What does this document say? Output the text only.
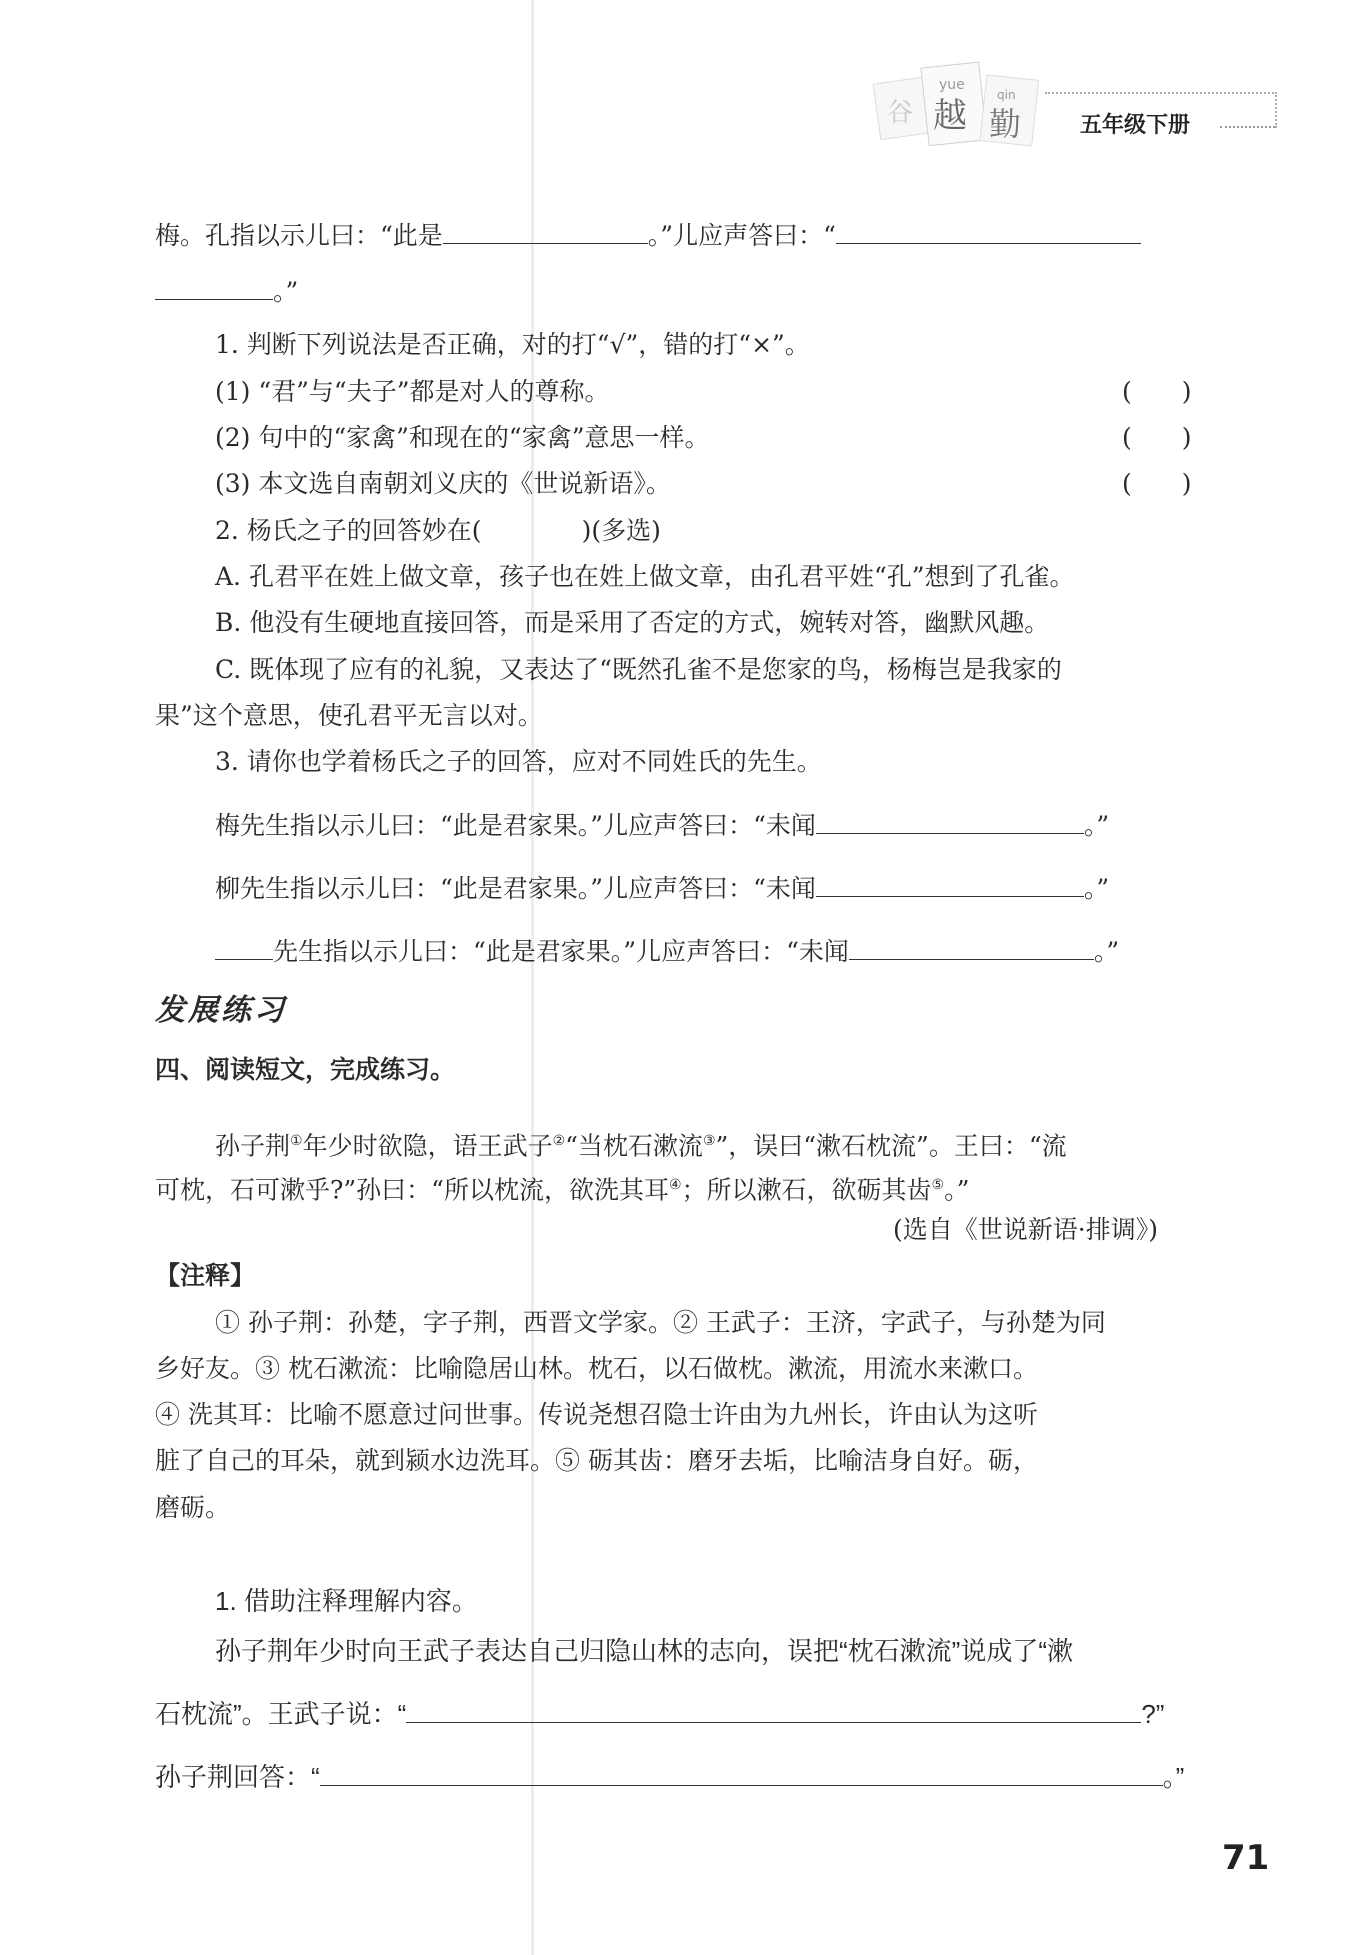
谷
yue
越
qin
勤	五年级下册
梅。孔指以示儿曰：“此是	。”儿应声答曰：“
。”
1. 判断下列说法是否正确，对的打“√”，错的打“×”。
(1) “君”与“夫子”都是对人的尊称。	(　　)
(2) 句中的“家禽”和现在的“家禽”意思一样。	(　　)
(3) 本文选自南朝刘义庆的《世说新语》。	(　　)
2. 杨氏之子的回答妙在(	)(多选)
A. 孔君平在姓上做文章，孩子也在姓上做文章，由孔君平姓“孔”想到了孔雀。
B. 他没有生硬地直接回答，而是采用了否定的方式，婉转对答，幽默风趣。
C. 既体现了应有的礼貌，又表达了“既然孔雀不是您家的鸟，杨梅岂是我家的
果”这个意思，使孔君平无言以对。
3. 请你也学着杨氏之子的回答，应对不同姓氏的先生。
梅先生指以示儿曰：“此是君家果。”儿应声答曰：“未闻	。”
柳先生指以示儿曰：“此是君家果。”儿应声答曰：“未闻	。”
先生指以示儿曰：“此是君家果。”儿应声答曰：“未闻	。”
发展练习
四、阅读短文，完成练习。
孙子荆①年少时欲隐，语王武子②“当枕石漱流③”，误曰“漱石枕流”。王曰：“流
可枕，石可漱乎?”孙曰：“所以枕流，欲洗其耳④；所以漱石，欲砺其齿⑤。”
(选自《世说新语·排调》)
【注释】
① 孙子荆：孙楚，字子荆，西晋文学家。② 王武子：王济，字武子，与孙楚为同
乡好友。③ 枕石漱流：比喻隐居山林。枕石，以石做枕。漱流，用流水来漱口。
④ 洗其耳：比喻不愿意过问世事。传说尧想召隐士许由为九州长，许由认为这听
脏了自己的耳朵，就到颍水边洗耳。⑤ 砺其齿：磨牙去垢，比喻洁身自好。砺，
磨砺。
1. 借助注释理解内容。
孙子荆年少时向王武子表达自己归隐山林的志向，误把“枕石漱流”说成了“漱
石枕流”。王武子说：“	?”
孙子荆回答：“	。”
71
